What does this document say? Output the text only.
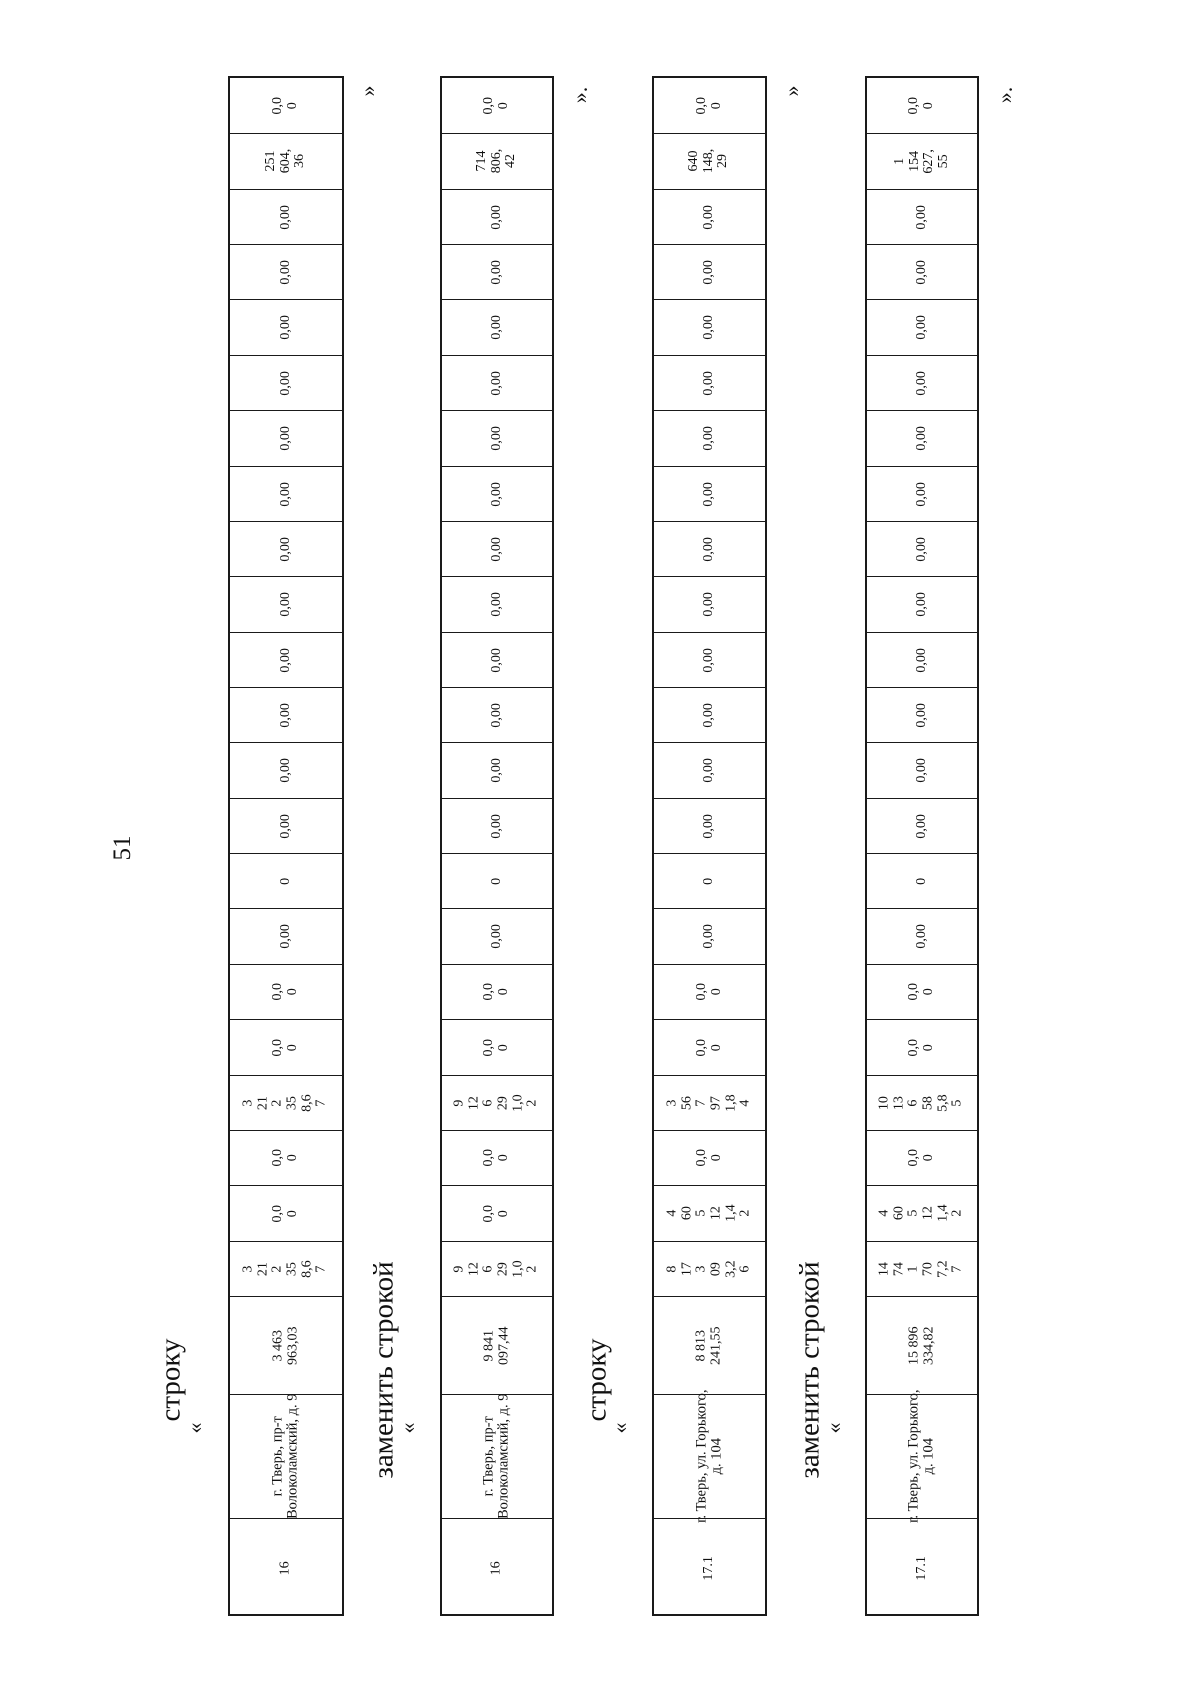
51
строку
«
»
0,0
0
251
604,
36
0,00
0,00
0,00
0,00
0,00
0,00
0,00
0,00
0,00
0,00
0,00
0,00
0
0,00
0,0
0
0,0
0
3
21
2
35
8,6
7
0,0
0
0,0
0
3
21
2
35
8,6
7
3 463
963,03
г. Тверь, пр-т
Волоколамский, д. 9
16
заменить строкой
«
».
0,0
0
714
806,
42
0,00
0,00
0,00
0,00
0,00
0,00
0,00
0,00
0,00
0,00
0,00
0,00
0
0,00
0,0
0
0,0
0
9
12
6
29
1,0
2
0,0
0
0,0
0
9
12
6
29
1,0
2
9 841
097,44
г. Тверь, пр-т
Волоколамский, д. 9
16
строку
«
»
0,0
0
640
148,
29
0,00
0,00
0,00
0,00
0,00
0,00
0,00
0,00
0,00
0,00
0,00
0,00
0
0,00
0,0
0
0,0
0
3
56
7
97
1,8
4
0,0
0
4
60
5
12
1,4
2
8
17
3
09
3,2
6
8 813
241,55
г. Тверь, ул. Горького,
д. 104
17.1
заменить строкой
«
».
0,0
0
1
154
627,
55
0,00
0,00
0,00
0,00
0,00
0,00
0,00
0,00
0,00
0,00
0,00
0,00
0
0,00
0,0
0
0,0
0
10
13
6
58
5,8
5
0,0
0
4
60
5
12
1,4
2
14
74
1
70
7,2
7
15 896
334,82
г. Тверь, ул. Горького,
д. 104
17.1
